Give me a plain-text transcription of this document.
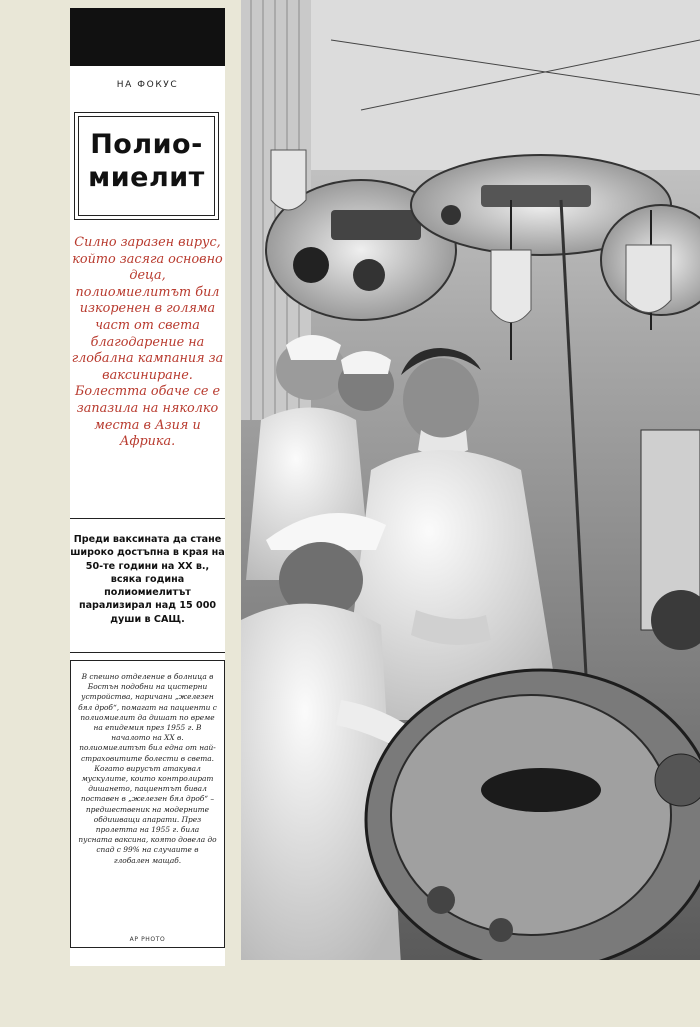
НА ФОКУС
Полио-
миелит
Силно заразен вирус, който засяга основно деца, полиомиелитът бил изкоренен в голяма част от света благодарение на глобална кампания за ваксиниране. Болестта обаче се е запазила на няколко места в Азия и Африка.
Преди ваксината да стане широко достъпна в края на 50-те години на XX в., всяка година полиомиелитът парализирал над 15 000 души в САЩ.
В спешно отделение в болница в Бостън подобни на цистерни устройства, наричани „железен бял дроб“, помагат на пациенти с полиомиелит да дишат по време на епидемия през 1955 г. В началото на XX в. полиомиелитът бил една от най-страховитите болести в света. Когато вирусът атакувал мускулите, които контролират дишането, пациентът бивал поставен в „железен бял дроб“ – предшественик на модерните обдишващи апарати. През пролетта на 1955 г. била пусната ваксина, която довела до спад с 99% на случаите в глобален мащаб.
AP PHOTO
